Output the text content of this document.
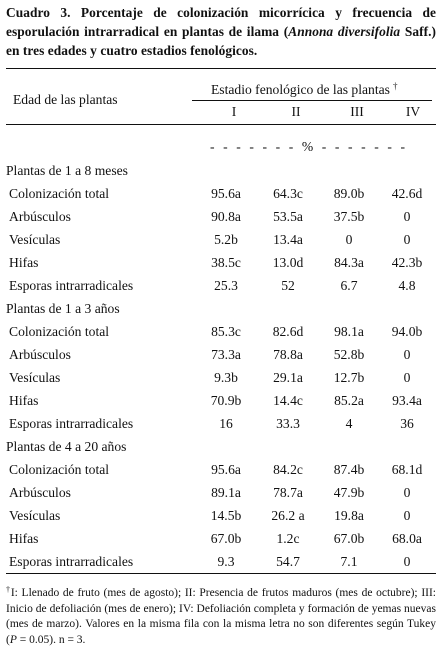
Cuadro 3. Porcentaje de colonización micorrícica y frecuencia de esporulación intrarradical en plantas de ilama (Annona diversifolia Saff.) en tres edades y cuatro estadios fenológicos.

Edad de las plantas
Estadio fenológico de las plantas †
I	II	III	IV
- - - - - - - % - - - - - - -
Plantas de 1 a 8 meses				
Colonización total	95.6a	64.3c	89.0b	42.6d
Arbúsculos	90.8a	53.5a	37.5b	0
Vesículas	5.2b	13.4a	0	0
Hifas	38.5c	13.0d	84.3a	42.3b
Esporas intrarradicales	25.3	52	6.7	4.8
Plantas de 1 a 3 años				
Colonización total	85.3c	82.6d	98.1a	94.0b
Arbúsculos	73.3a	78.8a	52.8b	0
Vesículas	9.3b	29.1a	12.7b	0
Hifas	70.9b	14.4c	85.2a	93.4a
Esporas intrarradicales	16	33.3	4	36
Plantas de 4 a 20 años				
Colonización total	95.6a	84.2c	87.4b	68.1d
Arbúsculos	89.1a	78.7a	47.9b	0
Vesículas	14.5b	26.2 a	19.8a	0
Hifas	67.0b	1.2c	67.0b	68.0a
Esporas intrarradicales	9.3	54.7	7.1	0

†I: Llenado de fruto (mes de agosto); II: Presencia de frutos maduros (mes de octubre); III: Inicio de defoliación (mes de enero); IV: Defoliación completa y formación de yemas nuevas (mes de marzo). Valores en la misma fila con la misma letra no son diferentes según Tukey (P = 0.05). n = 3.
